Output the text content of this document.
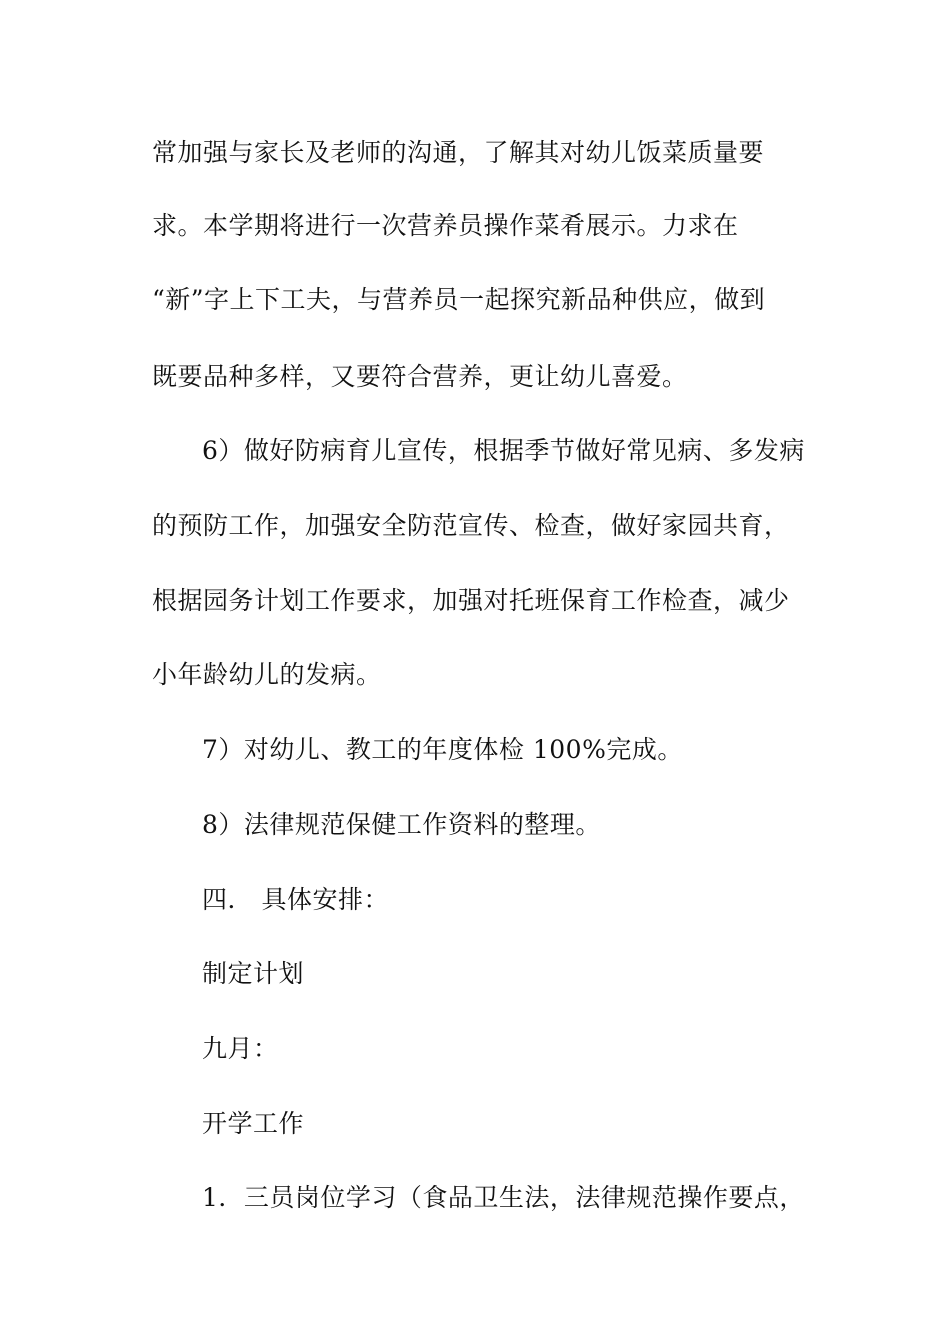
常加强与家长及老师的沟通，了解其对幼儿饭菜质量要
求。本学期将进行一次营养员操作菜肴展示。力求在
“新”字上下工夫，与营养员一起探究新品种供应，做到
既要品种多样，又要符合营养，更让幼儿喜爱。
6）做好防病育儿宣传，根据季节做好常见病、多发病
的预防工作，加强安全防范宣传、检查，做好家园共育，
根据园务计划工作要求，加强对托班保育工作检查，减少
小年龄幼儿的发病。
7）对幼儿、教工的年度体检 100%完成。
8）法律规范保健工作资料的整理。
四． 具体安排：
制定计划
九月：
开学工作
1．三员岗位学习（食品卫生法，法律规范操作要点，
